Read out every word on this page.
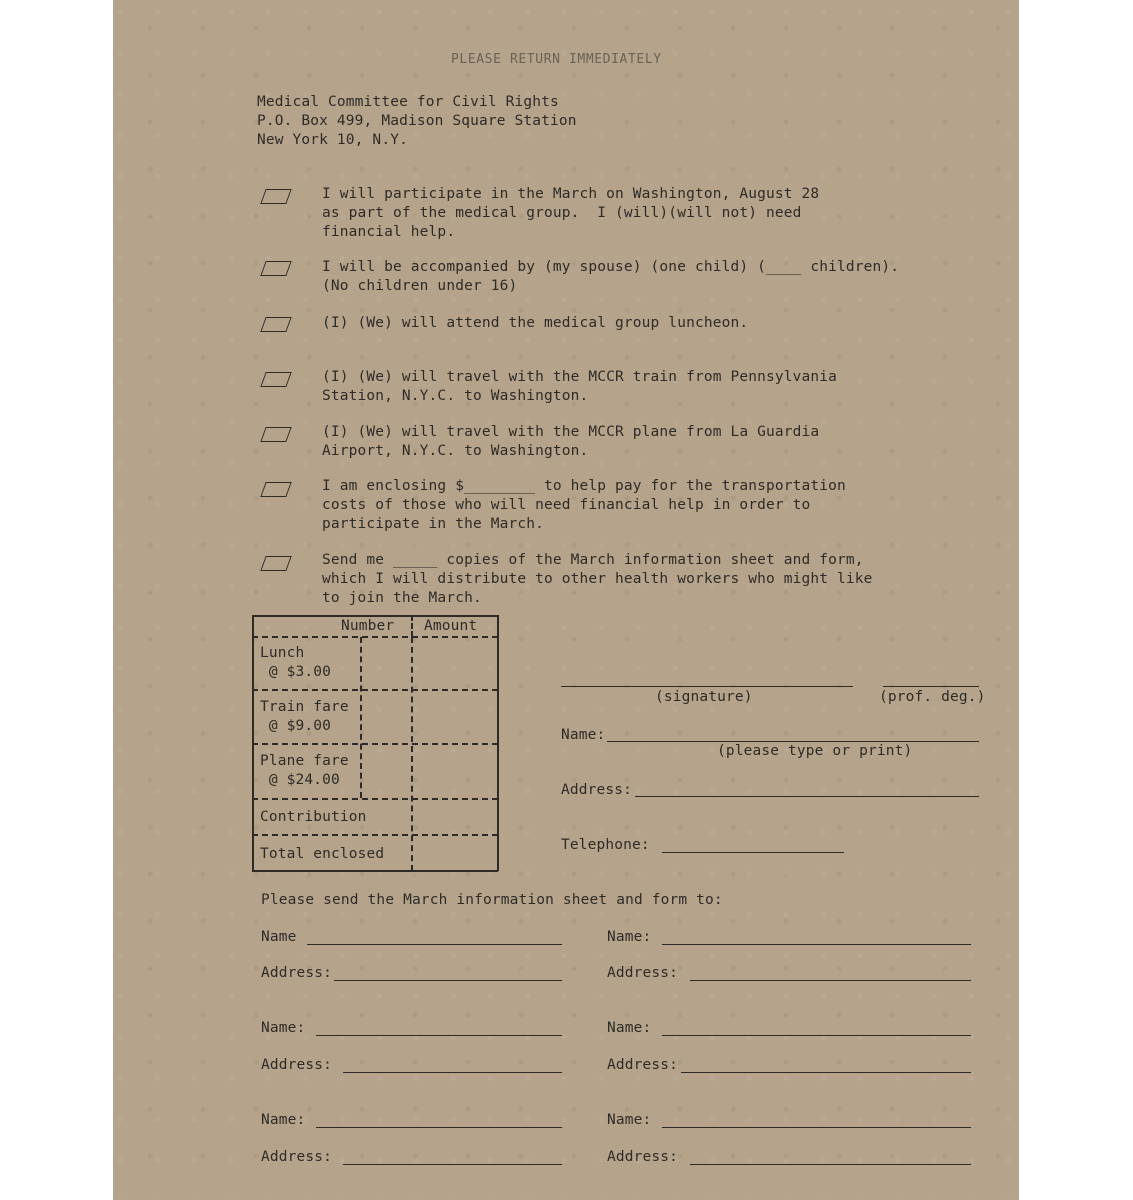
PLEASE RETURN IMMEDIATELY
Medical Committee for Civil Rights
P.O. Box 499, Madison Square Station
New York 10, N.Y.
I will participate in the March on Washington, August 28
as part of the medical group.  I (will)(will not) need
financial help.
I will be accompanied by (my spouse) (one child) (____ children).
(No children under 16)
(I) (We) will attend the medical group luncheon.
(I) (We) will travel with the MCCR train from Pennsylvania
Station, N.Y.C. to Washington.
(I) (We) will travel with the MCCR plane from La Guardia
Airport, N.Y.C. to Washington.
I am enclosing $________ to help pay for the transportation
costs of those who will need financial help in order to
participate in the March.
Send me _____ copies of the March information sheet and form,
which I will distribute to other health workers who might like
to join the March.
Number Amount
Lunch
@ $3.00
Train fare
@ $9.00
Plane fare
@ $24.00
Contribution
Total enclosed
(signature)	(prof. deg.)
Name:
(please type or print)
Address:
Telephone:
Please send the March information sheet and form to:
Name	Name:
Address:	Address:
Name:	Name:
Address:	Address:
Name:	Name:
Address:	Address:
